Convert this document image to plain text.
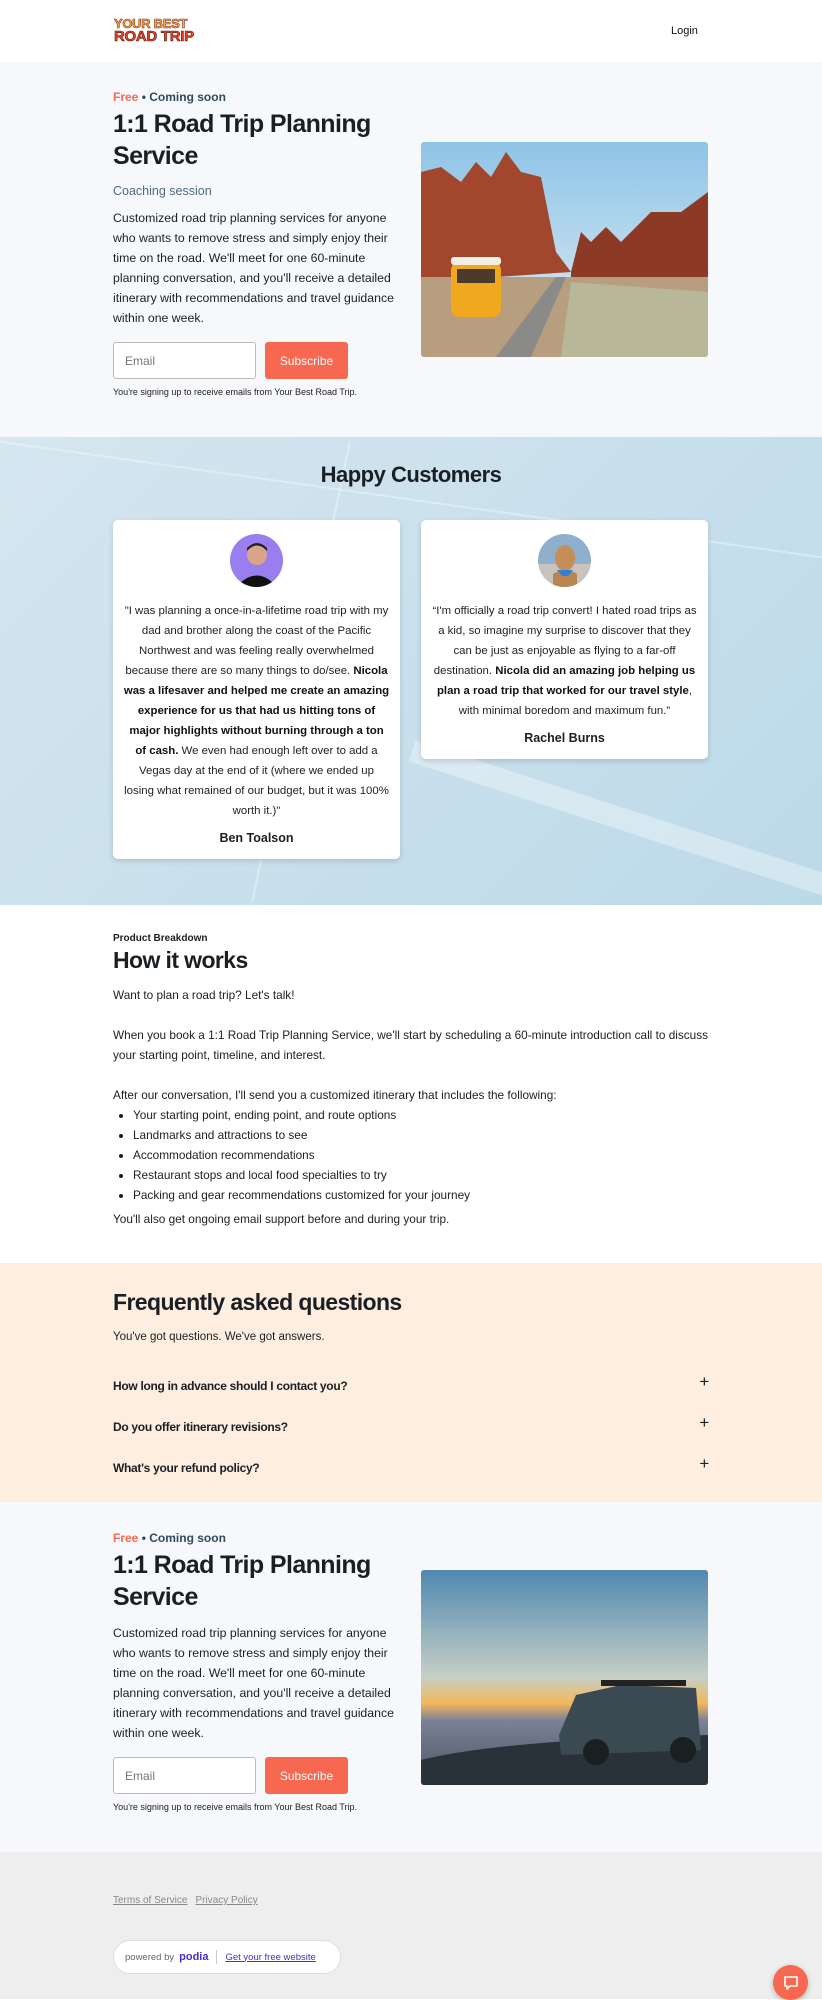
YOUR BEST
ROAD TRIP	Login
Free • Coming soon
1:1 Road Trip Planning Service
Coaching session
Customized road trip planning services for anyone who wants to remove stress and simply enjoy their time on the road. We'll meet for one 60-minute planning conversation, and you'll receive a detailed itinerary with recommendations and travel guidance within one week.
Email
Subscribe
You're signing up to receive emails from Your Best Road Trip.
Happy Customers
"I was planning a once-in-a-lifetime road trip with my dad and brother along the coast of the Pacific Northwest and was feeling really overwhelmed because there are so many things to do/see. Nicola was a lifesaver and helped me create an amazing experience for us that had us hitting tons of major highlights without burning through a ton of cash. We even had enough left over to add a Vegas day at the end of it (where we ended up losing what remained of our budget, but it was 100% worth it.)"
Ben Toalson
“I'm officially a road trip convert! I hated road trips as a kid, so imagine my surprise to discover that they can be just as enjoyable as flying to a far-off destination. Nicola did an amazing job helping us plan a road trip that worked for our travel style, with minimal boredom and maximum fun.”
Rachel Burns
Product Breakdown
How it works

Want to plan a road trip? Let's talk!

When you book a 1:1 Road Trip Planning Service, we'll start by scheduling a 60-minute introduction call to discuss your starting point, timeline, and interest.

After our conversation, I'll send you a customized itinerary that includes the following:
• Your starting point, ending point, and route options
• Landmarks and attractions to see
• Accommodation recommendations
• Restaurant stops and local food specialties to try
• Packing and gear recommendations customized for your journey
You'll also get ongoing email support before and during your trip.
Frequently asked questions
You've got questions. We've got answers.
How long in advance should I contact you?	+
Do you offer itinerary revisions?	+
What's your refund policy?	+
Free • Coming soon
1:1 Road Trip Planning Service
Customized road trip planning services for anyone who wants to remove stress and simply enjoy their time on the road. We'll meet for one 60-minute planning conversation, and you'll receive a detailed itinerary with recommendations and travel guidance within one week.
Email
Subscribe
You're signing up to receive emails from Your Best Road Trip.
Terms of Service Privacy Policy
powered by podia Get your free website
